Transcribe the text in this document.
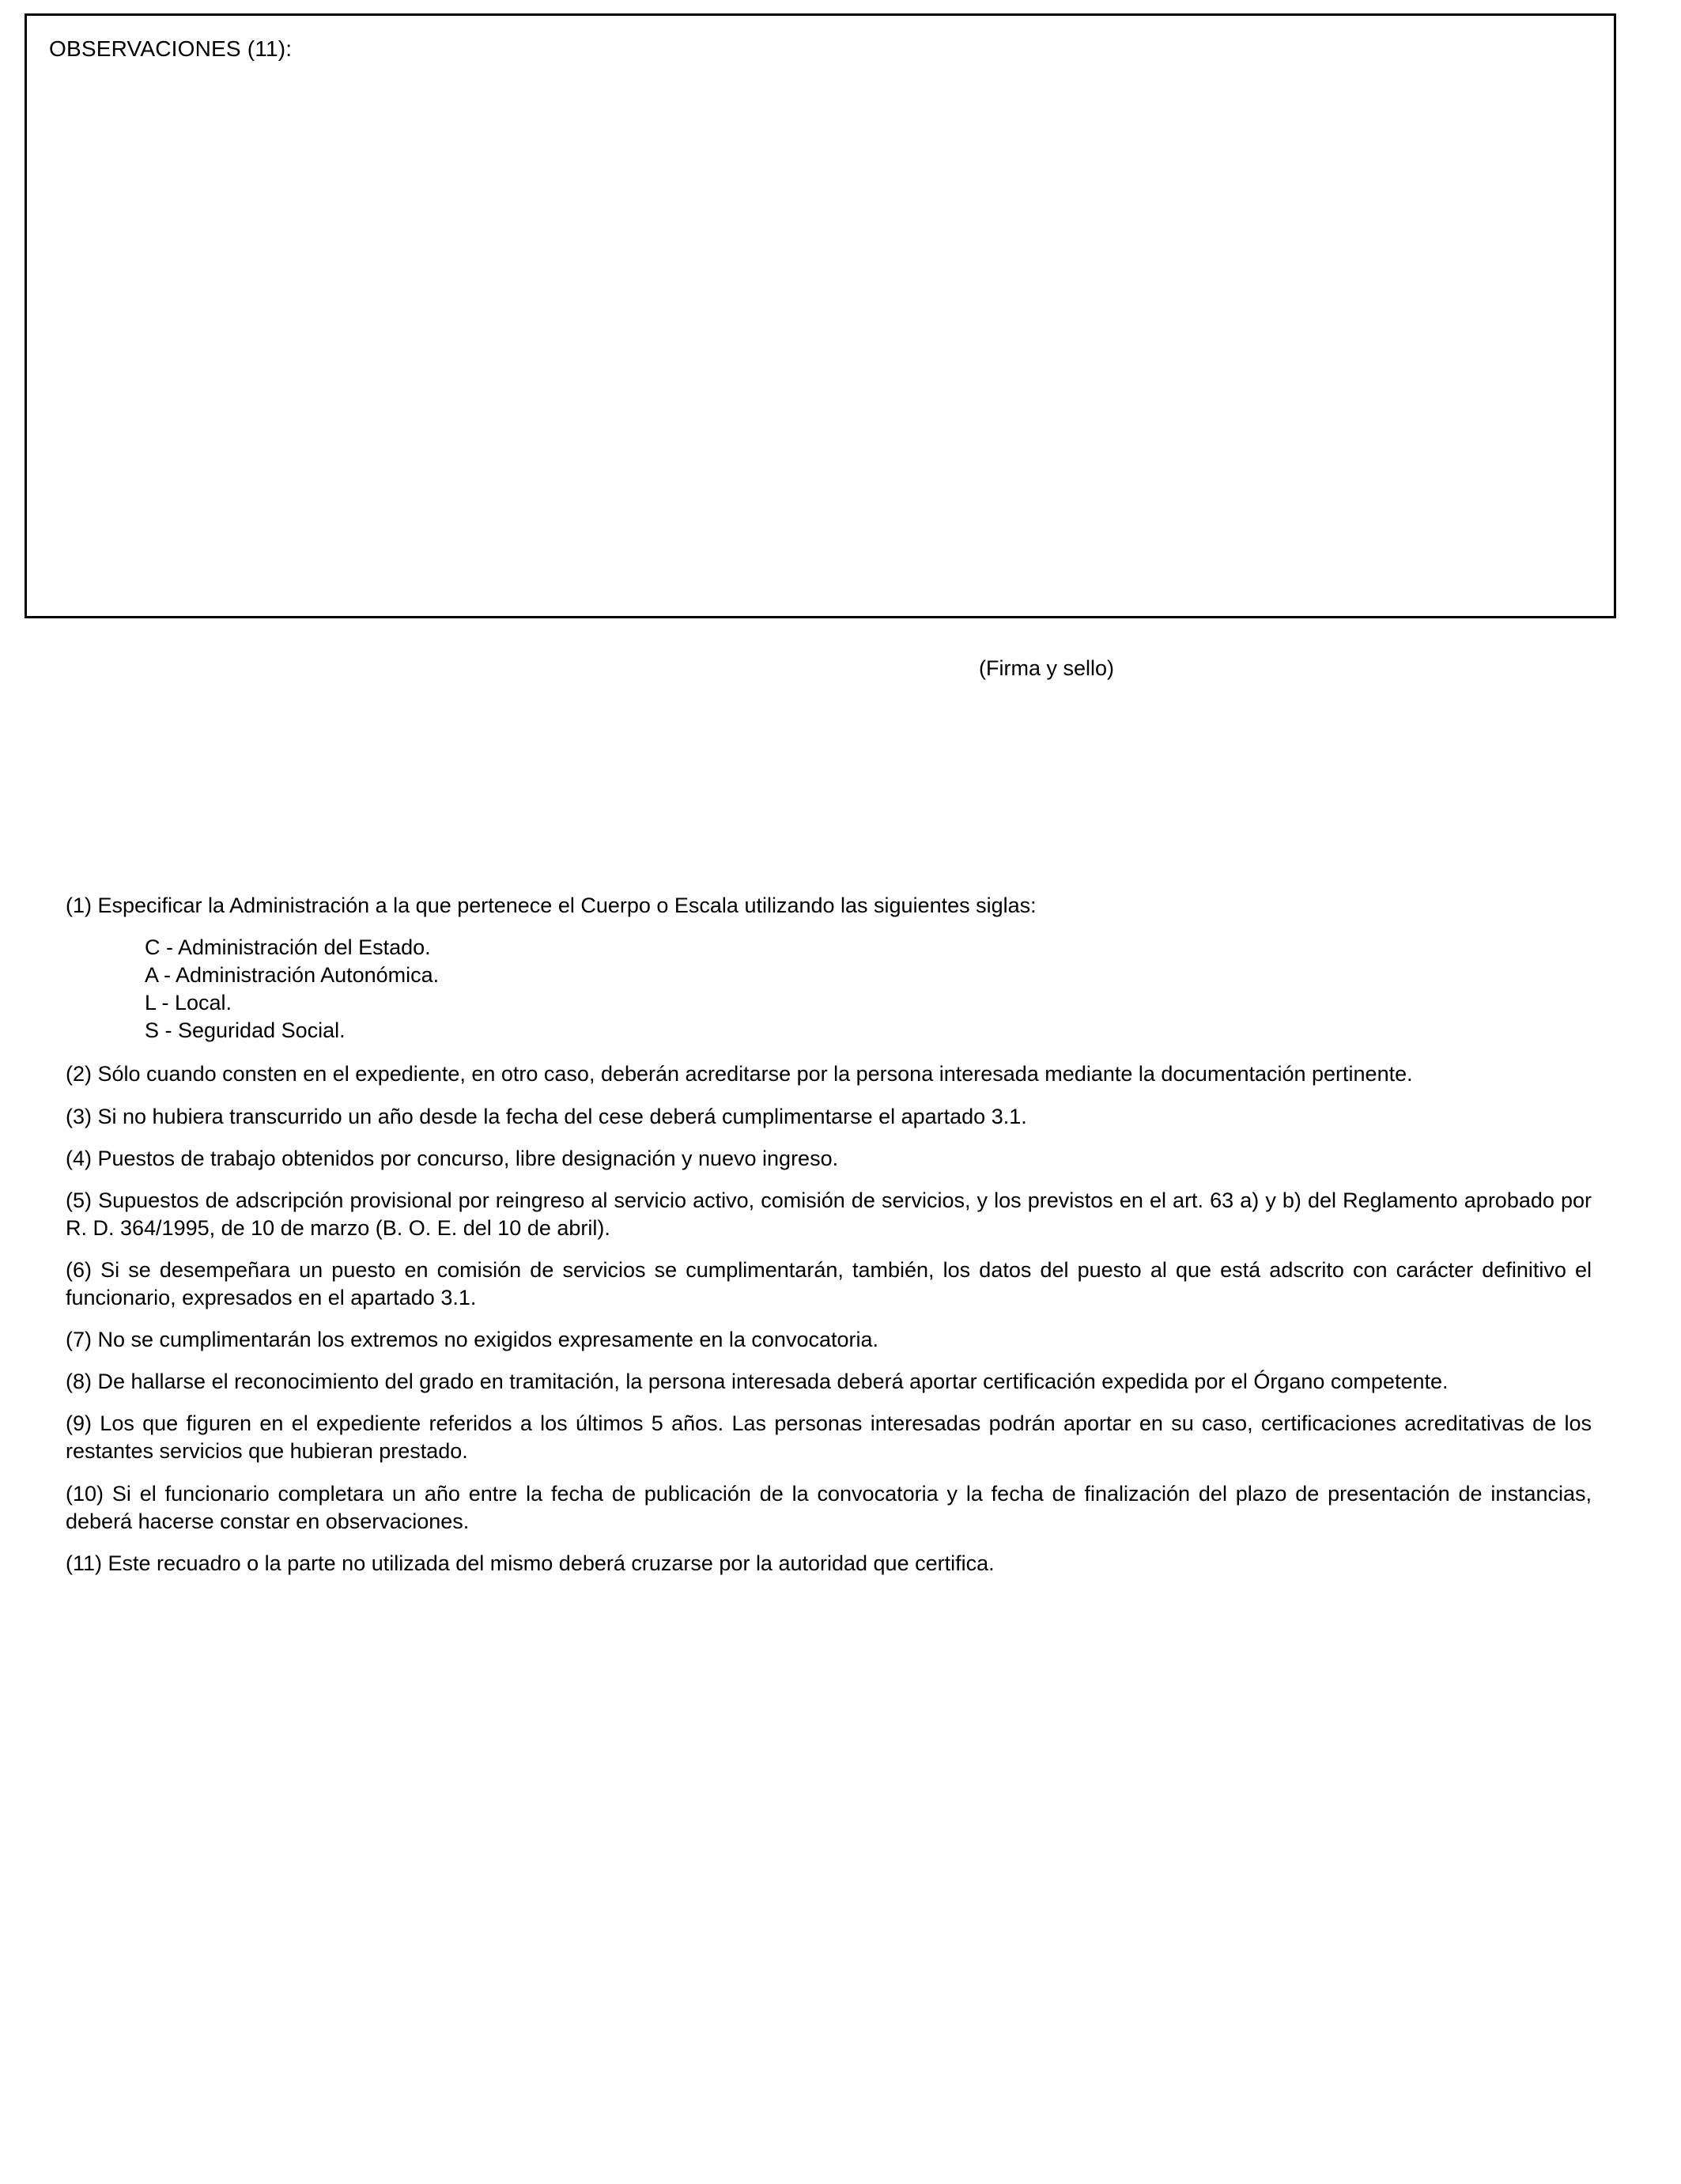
OBSERVACIONES (11):
(Firma y sello)

(1) Especificar la Administración a la que pertenece el Cuerpo o Escala utilizando las siguientes siglas:

C - Administración del Estado.
A - Administración Autonómica.
L - Local.
S - Seguridad Social.

(2) Sólo cuando consten en el expediente, en otro caso, deberán acreditarse por la persona interesada mediante la documentación pertinente.

(3) Si no hubiera transcurrido un año desde la fecha del cese deberá cumplimentarse el apartado 3.1.

(4) Puestos de trabajo obtenidos por concurso, libre designación y nuevo ingreso.

(5) Supuestos de adscripción provisional por reingreso al servicio activo, comisión de servicios, y los previstos en el art. 63 a) y b) del Reglamento aprobado por R. D. 364/1995, de 10 de marzo (B. O. E. del 10 de abril).

(6) Si se desempeñara un puesto en comisión de servicios se cumplimentarán, también, los datos del puesto al que está adscrito con carácter definitivo el funcionario, expresados en el apartado 3.1.

(7) No se cumplimentarán los extremos no exigidos expresamente en la convocatoria.

(8) De hallarse el reconocimiento del grado en tramitación, la persona interesada deberá aportar certificación expedida por el Órgano competente.

(9) Los que figuren en el expediente referidos a los últimos 5 años. Las personas interesadas podrán aportar en su caso, certificaciones acreditativas de los restantes servicios que hubieran prestado.

(10) Si el funcionario completara un año entre la fecha de publicación de la convocatoria y la fecha de finalización del plazo de presentación de instancias, deberá hacerse constar en observaciones.

(11) Este recuadro o la parte no utilizada del mismo deberá cruzarse por la autoridad que certifica.
